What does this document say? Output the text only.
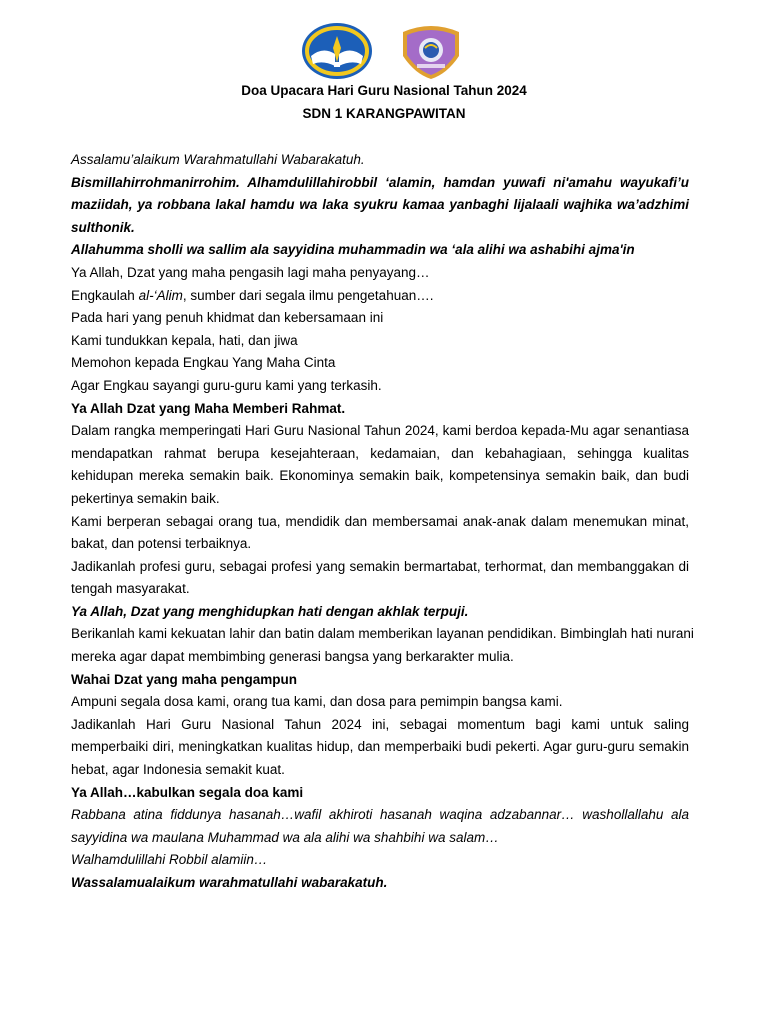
Doa Upacara Hari Guru Nasional Tahun 2024
SDN 1 KARANGPAWITAN

Assalamu’alaikum Warahmatullahi Wabarakatuh.

Bismillahirrohmanirrohim. Alhamdulillahirobbil ‘alamin, hamdan yuwafi ni'amahu wayukafi’u maziidah, ya robbana lakal hamdu wa laka syukru kamaa yanbaghi lijalaali wajhika wa’adzhimi sulthonik.

Allahumma sholli wa sallim ala sayyidina muhammadin wa ‘ala alihi wa ashabihi ajma'in

Ya Allah, Dzat yang maha pengasih lagi maha penyayang…

Engkaulah al-‘Alim, sumber dari segala ilmu pengetahuan….

Pada hari yang penuh khidmat dan kebersamaan ini

Kami tundukkan kepala, hati, dan jiwa

Memohon kepada Engkau Yang Maha Cinta

Agar Engkau sayangi guru-guru kami yang terkasih.

Ya Allah Dzat yang Maha Memberi Rahmat.

Dalam rangka memperingati Hari Guru Nasional Tahun 2024, kami berdoa kepada-Mu agar senantiasa mendapatkan rahmat berupa kesejahteraan, kedamaian, dan kebahagiaan, sehingga kualitas kehidupan mereka semakin baik. Ekonominya semakin baik, kompetensinya semakin baik, dan budi pekertinya semakin baik.

Kami berperan sebagai orang tua, mendidik dan membersamai anak-anak dalam menemukan minat, bakat, dan potensi terbaiknya.

Jadikanlah profesi guru, sebagai profesi yang semakin bermartabat, terhormat, dan membanggakan di tengah masyarakat.

Ya Allah, Dzat yang menghidupkan hati dengan akhlak terpuji.

Berikanlah kami kekuatan lahir dan batin dalam memberikan layanan pendidikan. Bimbinglah hati nurani mereka agar dapat membimbing generasi bangsa yang berkarakter mulia.

Wahai Dzat yang maha pengampun

Ampuni segala dosa kami, orang tua kami, dan dosa para pemimpin bangsa kami.

Jadikanlah Hari Guru Nasional Tahun 2024 ini, sebagai momentum bagi kami untuk saling memperbaiki diri, meningkatkan kualitas hidup, dan memperbaiki budi pekerti. Agar guru-guru semakin hebat, agar Indonesia semakit kuat.

Ya Allah…kabulkan segala doa kami

Rabbana atina fiddunya hasanah…wafil akhiroti hasanah waqina adzabannar… washollallahu ala sayyidina wa maulana Muhammad wa ala alihi wa shahbihi wa salam…

Walhamdulillahi Robbil alamiin…

Wassalamualaikum warahmatullahi wabarakatuh.
